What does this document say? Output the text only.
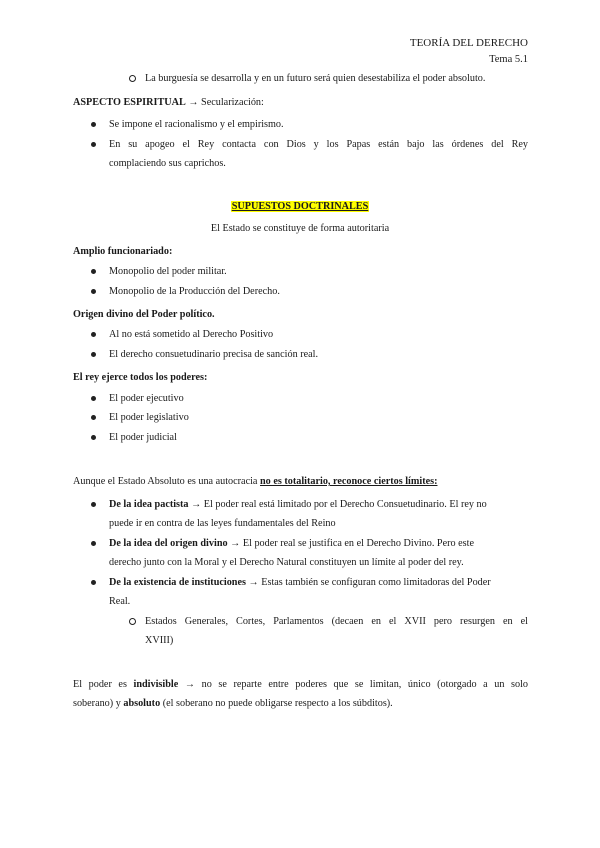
TEORÍA DEL DERECHO
Tema 5.1
La burguesía se desarrolla y en un futuro será quien desestabiliza el poder absoluto.
ASPECTO ESPIRITUAL → Secularización:
Se impone el racionalismo y el empirismo.
En su apogeo el Rey contacta con Dios y los Papas están bajo las órdenes del Rey
complaciendo sus caprichos.
SUPUESTOS DOCTRINALES
El Estado se constituye de forma autoritaria
Amplio funcionariado:
Monopolio del poder militar.
Monopolio de la Producción del Derecho.
Origen divino del Poder político.
Al no está sometido al Derecho Positivo
El derecho consuetudinario precisa de sanción real.
El rey ejerce todos los poderes:
El poder ejecutivo
El poder legislativo
El poder judicial
Aunque el Estado Absoluto es una autocracia no es totalitario, reconoce ciertos límites:
De la idea pactista → El poder real está limitado por el Derecho Consuetudinario. El rey no
puede ir en contra de las leyes fundamentales del Reino
De la idea del origen divino → El poder real se justifica en el Derecho Divino. Pero este
derecho junto con la Moral y el Derecho Natural constituyen un límite al poder del rey.
De la existencia de instituciones → Estas también se configuran como limitadoras del Poder
Real.
Estados Generales, Cortes, Parlamentos (decaen en el XVII pero resurgen en el
XVIII)
El poder es indivisible → no se reparte entre poderes que se limitan, único (otorgado a un solo
soberano) y absoluto (el soberano no puede obligarse respecto a los súbditos).
